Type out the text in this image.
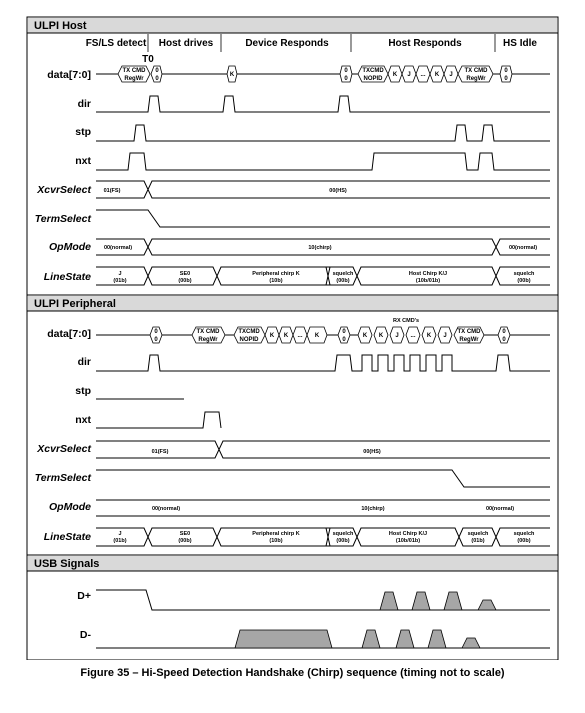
ULPI Host
ULPI Peripheral
USB Signals
FS/LS detect Host drives	Device Responds	Host Responds	HS Idle
T0
data[7:0]
dir
stp
nxt
XcvrSelect
TermSelect
OpMode
LineState
TX CMD
RegWr
0
0
K
0
0
TXCMD
NOPID
K J ... K J
TX CMD
RegWr
0
0
01(FS)	00(HS)
00(normal)	10(chirp)	00(normal)
J
(01b)
SE0
(00b)
Peripheral chirp K
(10b)
squelch
(00b)
Host Chirp K/J
(10b/01b)
squelch
(00b)
data[7:0]
dir
stp
nxt
XcvrSelect
TermSelect
OpMode
LineState
RX CMD's
0
0
TX CMD
RegWr
TXCMD
NOPID
K K ... K
0
0
K K J ... K J
TX CMD
RegWr
0
0
01(FS)	00(HS)
00(normal)	10(chirp)	00(normal)
J
(01b)
SE0
(00b)
Peripheral chirp K
(10b)
squelch
(00b)
Host Chirp K/J
(10b/01b)
squelch
(01b)
squelch
(00b)
D+
D-
Figure 35 – Hi-Speed Detection Handshake (Chirp) sequence (timing not to scale)
